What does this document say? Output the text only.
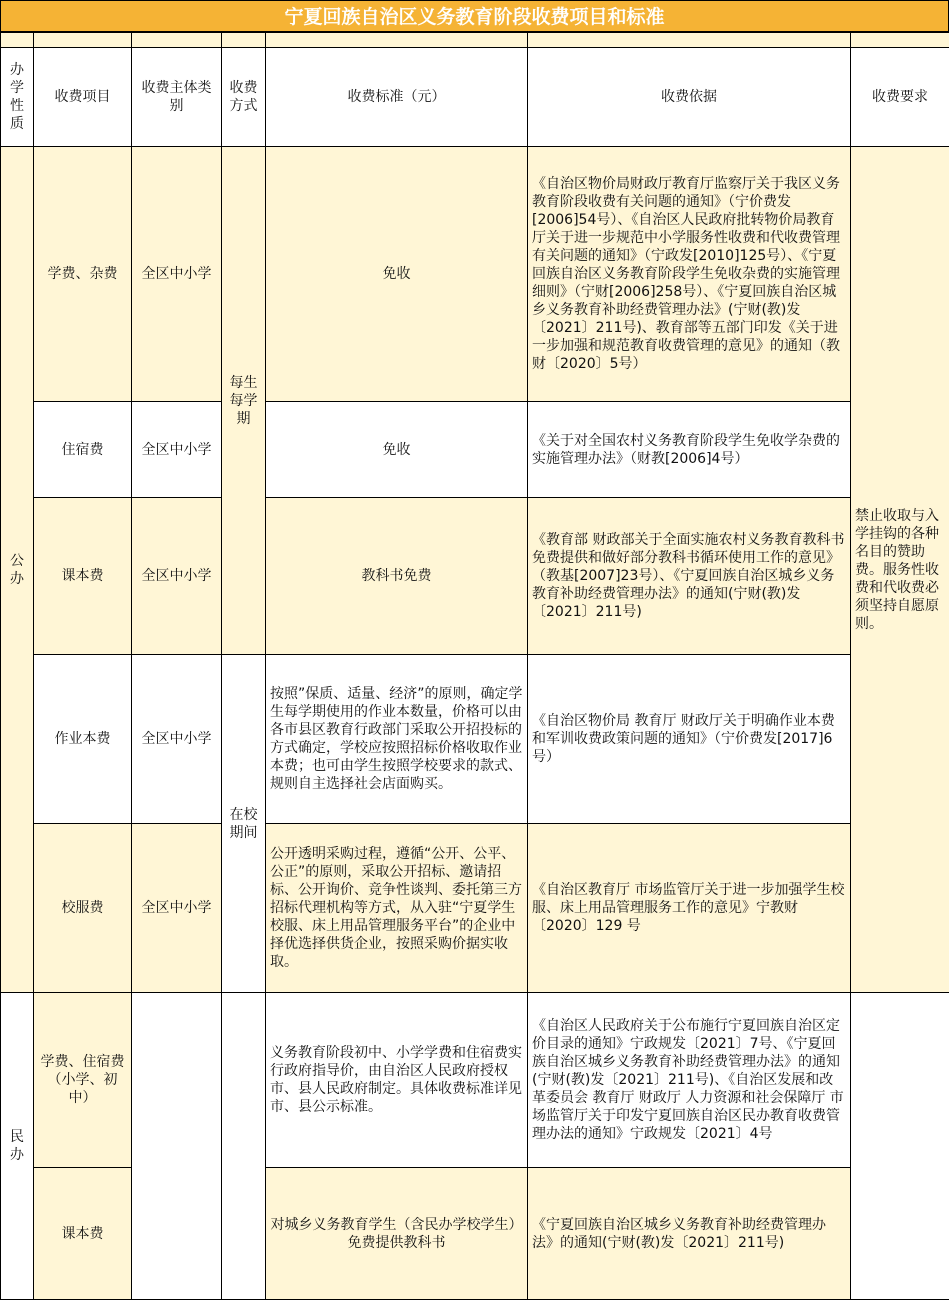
宁夏回族自治区义务教育阶段收费项目和标准

办学性质	收费项目	收费主体类别	收费方式	收费标准（元）	收费依据	收费要求
公办	学费、杂费	全区中小学	每生每学期	免收	《自治区物价局财政厅教育厅监察厅关于我区义务教育阶段收费有关问题的通知》（宁价费发[2006]54号）、《自治区人民政府批转物价局教育厅关于进一步规范中小学服务性收费和代收费管理有关问题的通知》（宁政发[2010]125号）、《宁夏回族自治区义务教育阶段学生免收杂费的实施管理细则》（宁财[2006]258号）、《宁夏回族自治区城乡义务教育补助经费管理办法》(宁财(教)发〔2021〕211号)、教育部等五部门印发《关于进一步加强和规范教育收费管理的意见》的通知（教财〔2020〕5号）	禁止收取与入学挂钩的各种名目的赞助费。服务性收费和代收费必须坚持自愿原则。
	住宿费	全区中小学		免收	《关于对全国农村义务教育阶段学生免收学杂费的实施管理办法》（财教[2006]4号）	
	课本费	全区中小学		教科书免费	《教育部 财政部关于全面实施农村义务教育教科书免费提供和做好部分教科书循环使用工作的意见》（教基[2007]23号）、《宁夏回族自治区城乡义务教育补助经费管理办法》的通知(宁财(教)发〔2021〕211号)	
	作业本费	全区中小学	在校期间	按照”保质、适量、经济”的原则，确定学生每学期使用的作业本数量，价格可以由各市县区教育行政部门采取公开招投标的方式确定，学校应按照招标价格收取作业本费；也可由学生按照学校要求的款式、规则自主选择社会店面购买。	《自治区物价局 教育厅 财政厅关于明确作业本费和军训收费政策问题的通知》（宁价费发[2017]6 号）	
	校服费	全区中小学		公开透明采购过程，遵循“公开、公平、公正”的原则，采取公开招标、邀请招标、公开询价、竞争性谈判、委托第三方招标代理机构等方式，从入驻“宁夏学生校服、床上用品管理服务平台”的企业中择优选择供货企业，按照采购价据实收取。	《自治区教育厅 市场监管厅关于进一步加强学生校服、床上用品管理服务工作的意见》宁教财〔2020〕129 号	
民办	学费、住宿费（小学、初中）			义务教育阶段初中、小学学费和住宿费实行政府指导价，由自治区人民政府授权市、县人民政府制定。具体收费标准详见市、县公示标准。	《自治区人民政府关于公布施行宁夏回族自治区定价目录的通知》宁政规发〔2021〕7号、《宁夏回族自治区城乡义务教育补助经费管理办法》的通知(宁财(教)发〔2021〕211号)、《自治区发展和改革委员会 教育厅 财政厅 人力资源和社会保障厅 市场监管厅关于印发宁夏回族自治区民办教育收费管理办法的通知》宁政规发〔2021〕4号	
	课本费			对城乡义务教育学生（含民办学校学生）免费提供教科书	《宁夏回族自治区城乡义务教育补助经费管理办法》的通知(宁财(教)发〔2021〕211号)	
